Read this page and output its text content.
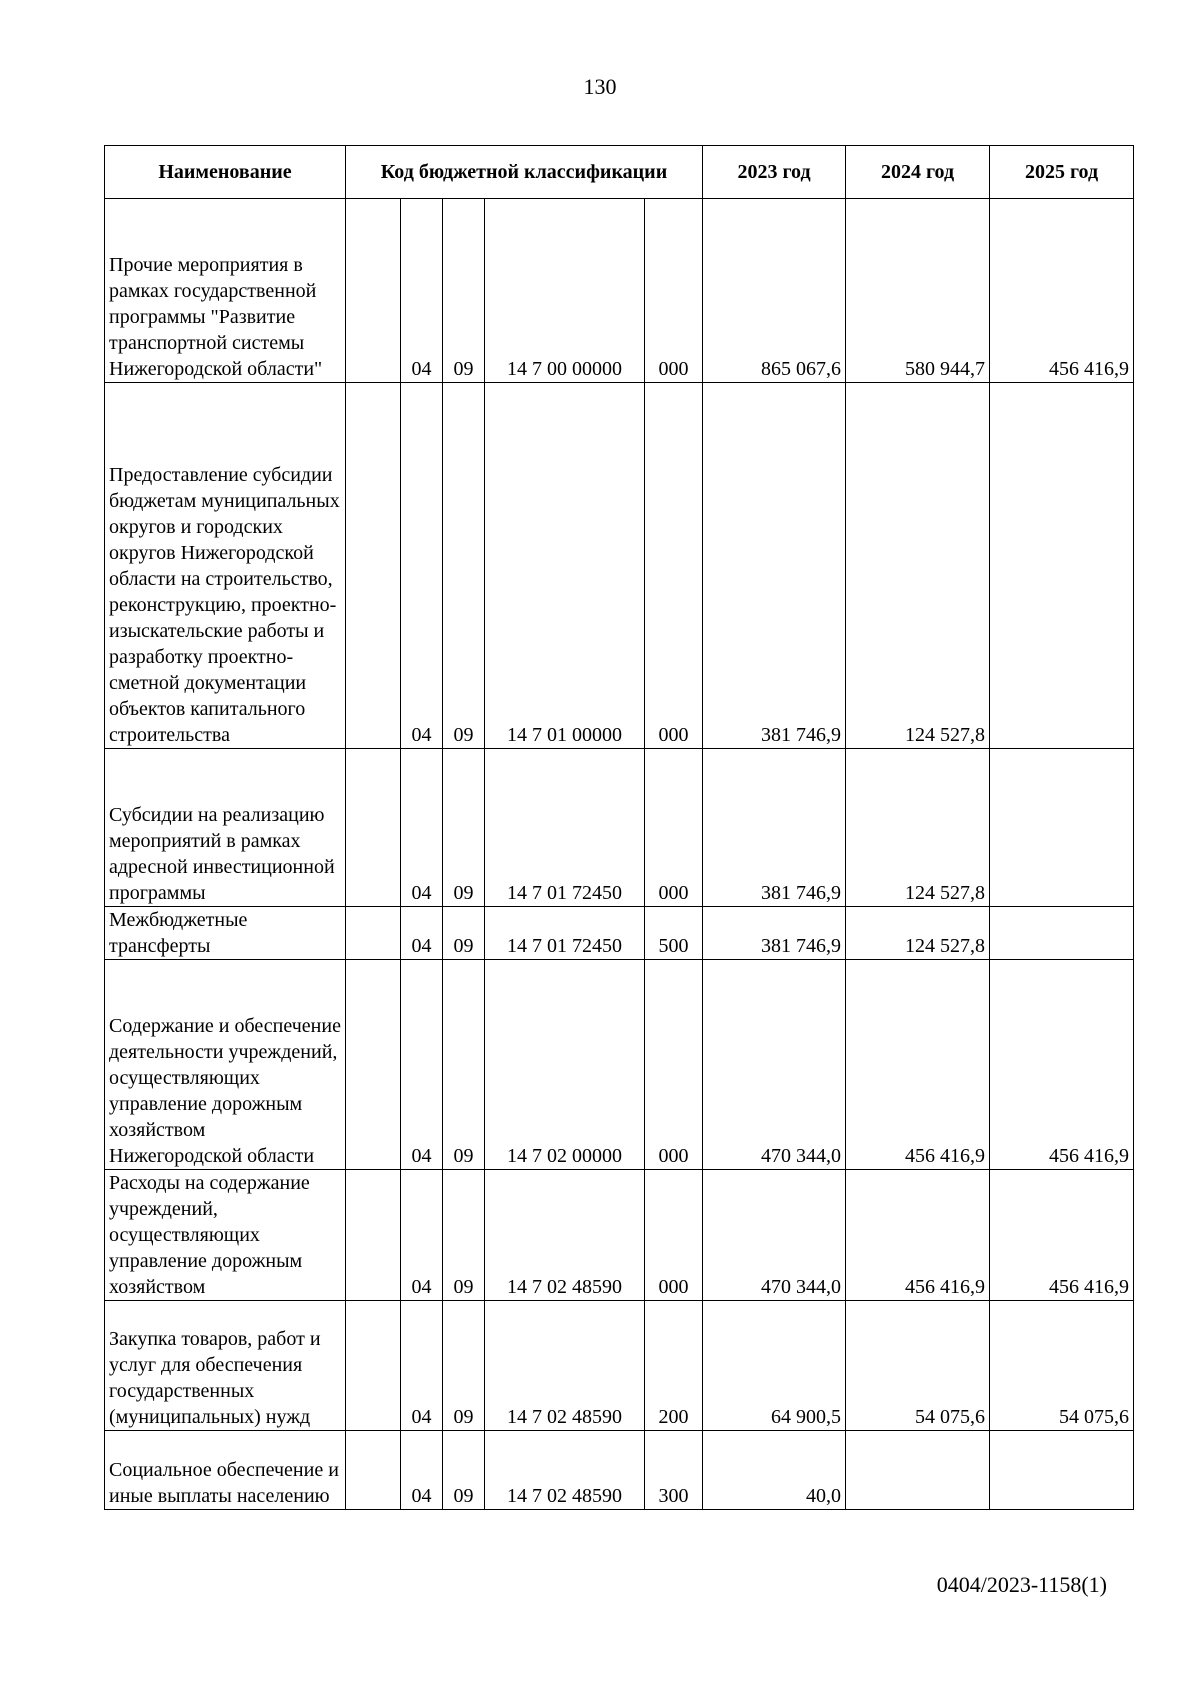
130
Наименование	Код бюджетной классификации					2023 год	2024 год	2025 год
Прочие мероприятия в рамках государственной программы "Развитие транспортной системы Нижегородской области"		04	09	14 7 00 00000	000	865 067,6	580 944,7	456 416,9
Предоставление субсидии бюджетам муниципальных округов и городских округов Нижегородской области на строительство, реконструкцию, проектно-изыскательские работы и разработку проектно-сметной документации объектов капитального строительства		04	09	14 7 01 00000	000	381 746,9	124 527,8	
Субсидии на реализацию мероприятий в рамках адресной инвестиционной программы		04	09	14 7 01 72450	000	381 746,9	124 527,8	
Межбюджетные трансферты		04	09	14 7 01 72450	500	381 746,9	124 527,8	
Содержание и обеспечение деятельности учреждений, осуществляющих управление дорожным хозяйством Нижегородской области		04	09	14 7 02 00000	000	470 344,0	456 416,9	456 416,9
Расходы на содержание учреждений, осуществляющих управление дорожным хозяйством		04	09	14 7 02 48590	000	470 344,0	456 416,9	456 416,9
Закупка товаров, работ и услуг для обеспечения государственных (муниципальных) нужд		04	09	14 7 02 48590	200	64 900,5	54 075,6	54 075,6
Социальное обеспечение и иные выплаты населению		04	09	14 7 02 48590	300	40,0		
0404/2023-1158(1)
